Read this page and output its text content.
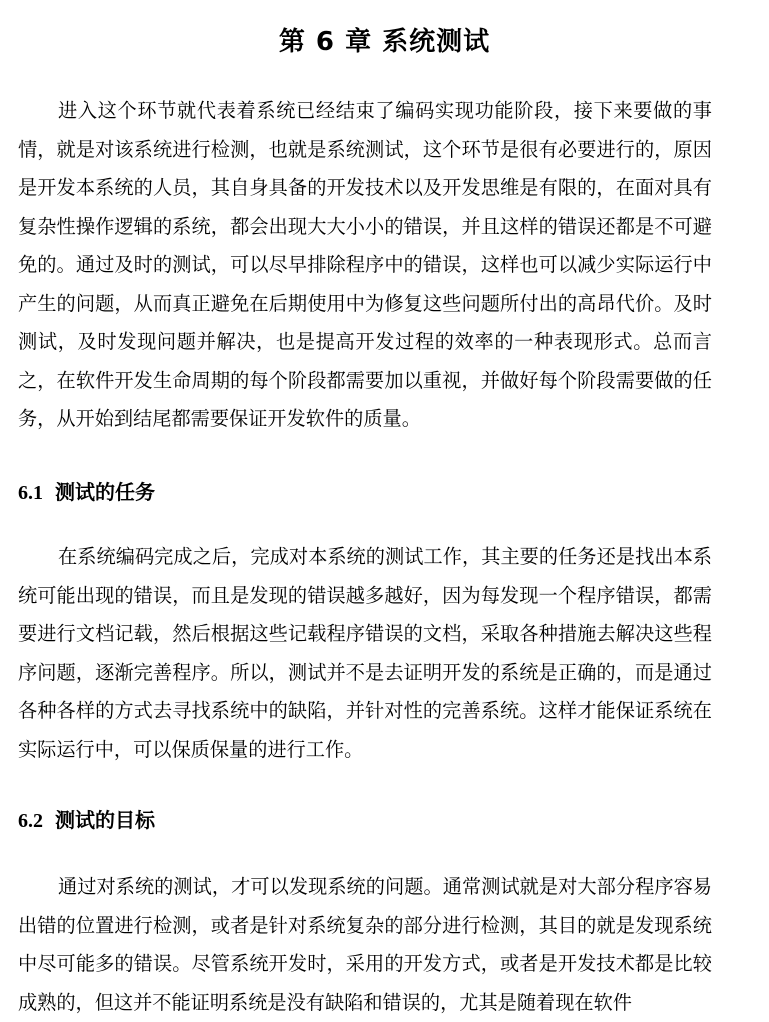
第 6 章 系统测试

进入这个环节就代表着系统已经结束了编码实现功能阶段，接下来要做的事情，就是对该系统进行检测，也就是系统测试，这个环节是很有必要进行的，原因是开发本系统的人员，其自身具备的开发技术以及开发思维是有限的，在面对具有复杂性操作逻辑的系统，都会出现大大小小的错误，并且这样的错误还都是不可避免的。通过及时的测试，可以尽早排除程序中的错误，这样也可以减少实际运行中产生的问题，从而真正避免在后期使用中为修复这些问题所付出的高昂代价。及时测试，及时发现问题并解决，也是提高开发过程的效率的一种表现形式。总而言之，在软件开发生命周期的每个阶段都需要加以重视，并做好每个阶段需要做的任务，从开始到结尾都需要保证开发软件的质量。

6.1 测试的任务

在系统编码完成之后，完成对本系统的测试工作，其主要的任务还是找出本系统可能出现的错误，而且是发现的错误越多越好，因为每发现一个程序错误，都需要进行文档记载，然后根据这些记载程序错误的文档，采取各种措施去解决这些程序问题，逐渐完善程序。所以，测试并不是去证明开发的系统是正确的，而是通过各种各样的方式去寻找系统中的缺陷，并针对性的完善系统。这样才能保证系统在实际运行中，可以保质保量的进行工作。

6.2 测试的目标

通过对系统的测试，才可以发现系统的问题。通常测试就是对大部分程序容易出错的位置进行检测，或者是针对系统复杂的部分进行检测，其目的就是发现系统中尽可能多的错误。尽管系统开发时，采用的开发方式，或者是开发技术都是比较成熟的，但这并不能证明系统是没有缺陷和错误的，尤其是随着现在软件
